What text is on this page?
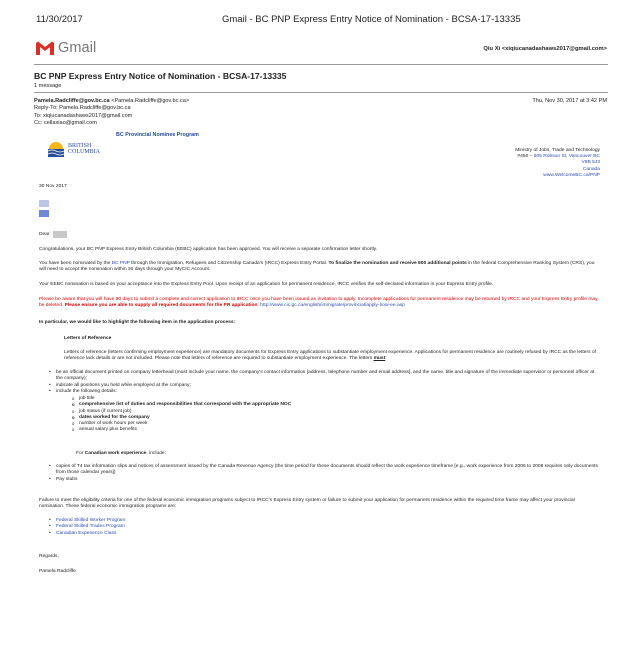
11/30/2017	Gmail - BC PNP Express Entry Notice of Nomination - BCSA-17-13335
Gmail	Qiu Xi <xiqiucanadashaws2017@gmail.com>
BC PNP Express Entry Notice of Nomination - BCSA-17-13335
1 message
Pamela.Radcliffe@gov.bc.ca <Pamela.Radcliffe@gov.bc.ca>
Reply-To: Pamela.Radcliffe@gov.bc.ca
To: xiqiucanadashaws2017@gmail.com
Cc: cellaxiao@gmail.com
Thu, Nov 30, 2017 at 3:42 PM
BC Provincial Nominee Program
BRITISH
COLUMBIA	Ministry of Jobs, Trade and Technology
#450 – 605 Robson St, Vancouver BC
V6B 5J3
Canada
www.WelcomeBC.ca/PNP
30 Nov 2017
Dear

Congratulations, your BC PNP Express Entry British Columbia (EEBC) application has been approved. You will receive a separate confirmation letter shortly.

You have been nominated by the BC PNP through the Immigration, Refugees and Citizenship Canada’s (IRCC) Express Entry Portal. To finalize the nomination and receive 600 additional points in the federal Comprehensive Ranking System (CRS), you will need to accept the nomination within 30 days through your MyCIC Account.

Your EEBC nomination is based on your acceptance into the Express Entry Pool. Upon receipt of an application for permanent residence, IRCC verifies the self-declared information in your Express Entry profile.

Please be aware that you will have 90 days to submit a complete and correct application to IRCC once you have been issued an invitation to apply. Incomplete applications for permanent residence may be returned by IRCC and your Express Entry profile may be deleted. Please ensure you are able to supply all required documents for the PR application: http://www.cic.gc.ca/english/immigrate/provincial/apply-how-ee.asp

In particular, we would like to highlight the following item in the application process:

Letters of Reference

Letters of reference (letters confirming employment experience) are mandatory documents for Express Entry applications to substantiate employment experience. Applications for permanent residence are routinely refused by IRCC as the letters of reference lack details or are not included. Please note that letters of reference are required to substantiate employment experience. The letters must:

• be an official document printed on company letterhead (must include your name, the company’s contact information [address, telephone number and email address], and the name, title and signature of the immediate supervisor or personnel officer at the company);
• indicate all positions you held while employed at the company;
• include the following details:
o job title
o comprehensive list of duties and responsibilities that correspond with the appropriate NOC
o job status (if current job)
o dates worked for the company
o number of work hours per week
o annual salary plus benefits

For Canadian work experience, include:

• copies of T4 tax information slips and notices of assessment issued by the Canada Revenue Agency (the time period for these documents should reflect the work experience timeframe [e.g., work experience from 2006 to 2008 requires only documents from those calendar years])
• Pay stubs

Failure to meet the eligibility criteria for one of the federal economic immigration programs subject to IRCC’s Express Entry system or failure to submit your application for permanent residence within the required time frame may affect your provincial nomination. These federal economic immigration programs are:

• Federal Skilled Worker Program
• Federal Skilled Trades Program
• Canadian Experience Class

Regards,

Pamela Radcliffe
